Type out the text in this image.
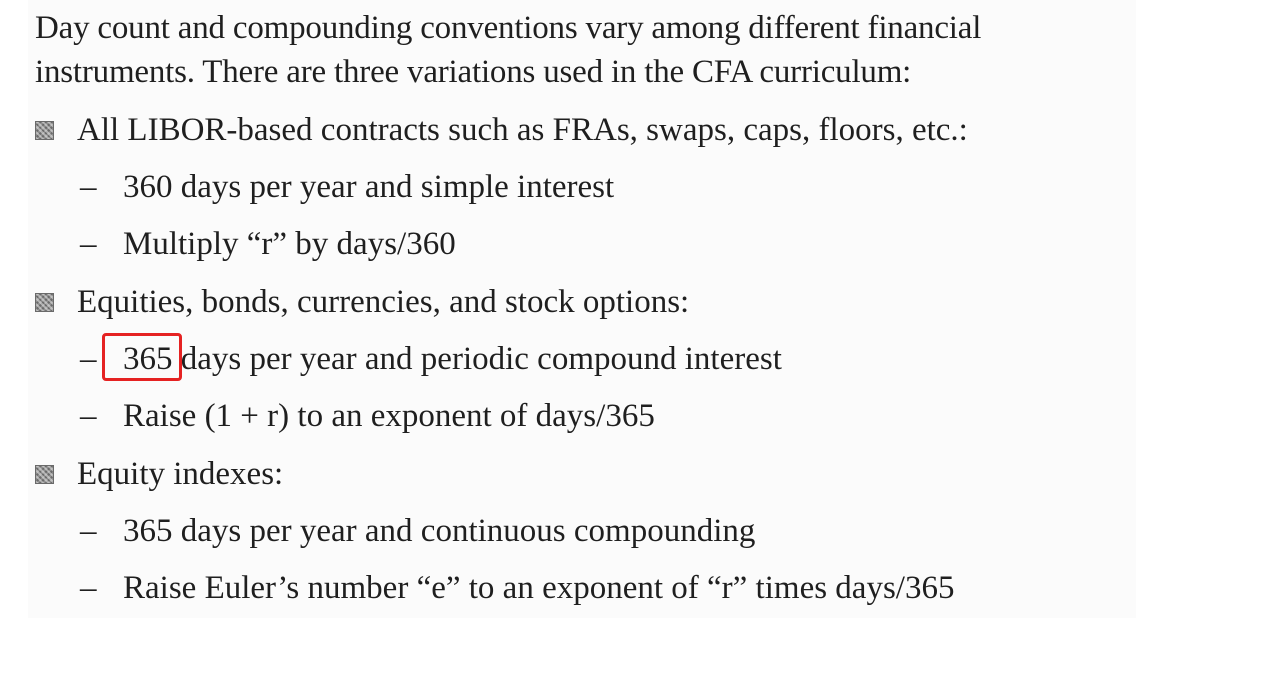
Day count and compounding conventions vary among different financial
instruments. There are three variations used in the CFA curriculum:
All LIBOR-based contracts such as FRAs, swaps, caps, floors, etc.:
– 360 days per year and simple interest
– Multiply “r” by days/360
Equities, bonds, currencies, and stock options:
– 365 days per year and periodic compound interest
– Raise (1 + r) to an exponent of days/365
Equity indexes:
– 365 days per year and continuous compounding
– Raise Euler’s number “e” to an exponent of “r” times days/365
